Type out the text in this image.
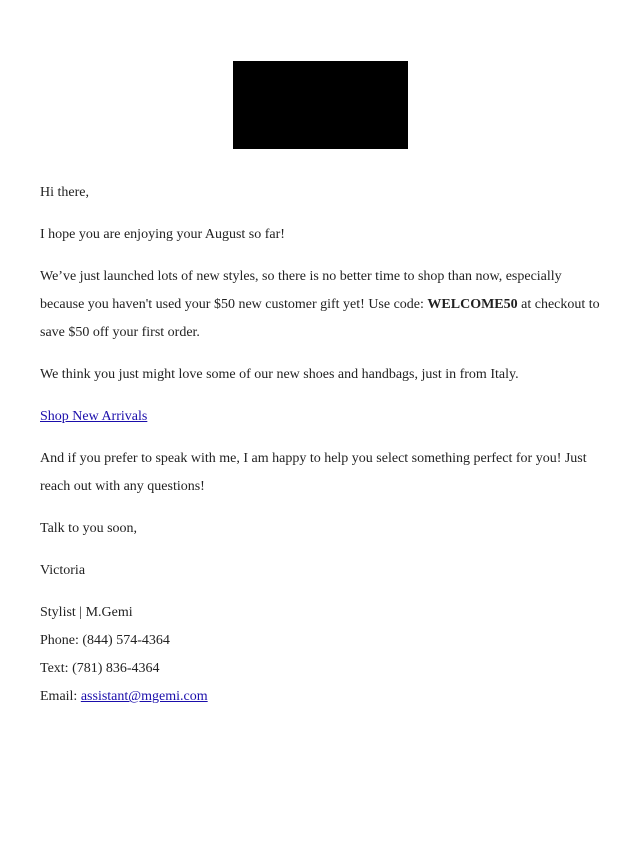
Hi there,

I hope you are enjoying your August so far!

We’ve just launched lots of new styles, so there is no better time to shop than now, especially because you haven't used your $50 new customer gift yet! Use code: WELCOME50 at checkout to save $50 off your first order.

We think you just might love some of our new shoes and handbags, just in from Italy.

Shop New Arrivals

And if you prefer to speak with me, I am happy to help you select something perfect for you! Just reach out with any questions!

Talk to you soon,

Victoria

Stylist | M.Gemi

Phone: (844) 574-4364

Text: (781) 836-4364

Email: assistant@mgemi.com
